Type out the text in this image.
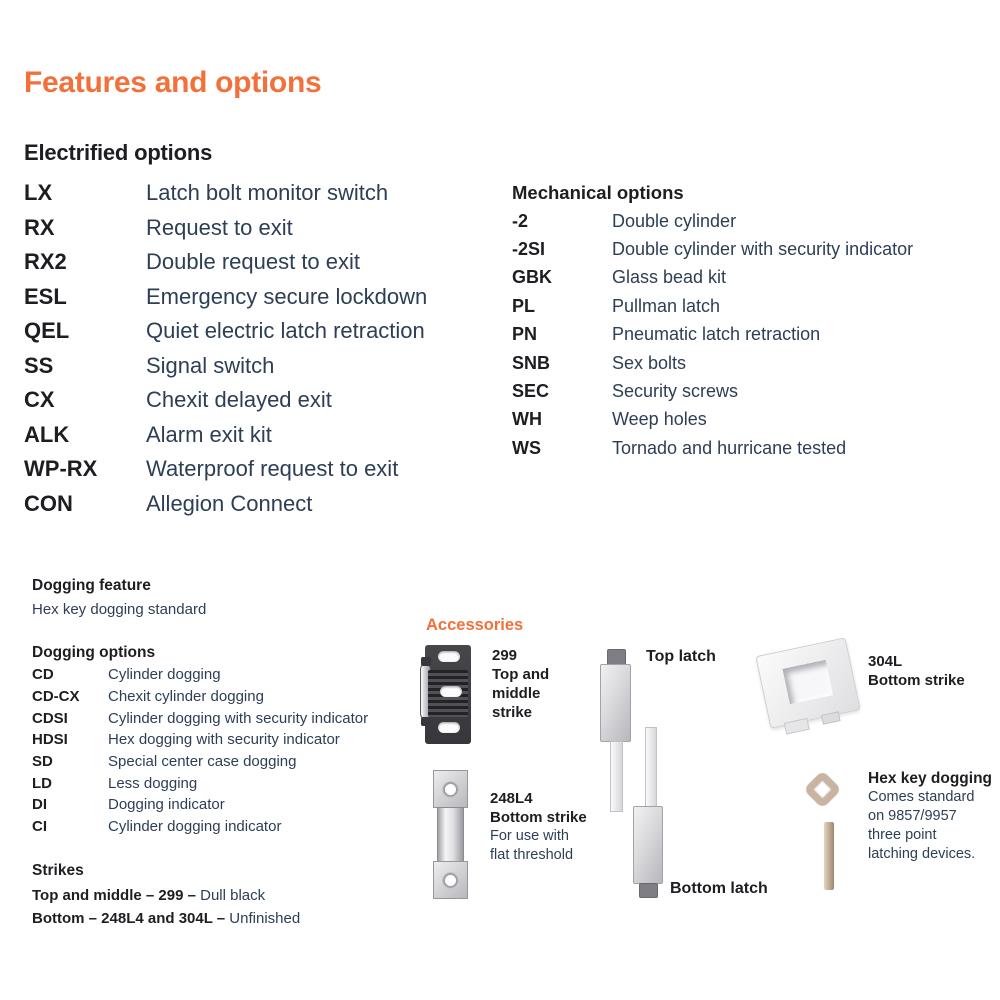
Features and options
Electrified options
LX	Latch bolt monitor switch
RX	Request to exit
RX2	Double request to exit
ESL	Emergency secure lockdown
QEL	Quiet electric latch retraction
SS	Signal switch
CX	Chexit delayed exit
ALK	Alarm exit kit
WP-RX	Waterproof request to exit
CON	Allegion Connect
Mechanical options
-2	Double cylinder
-2SI	Double cylinder with security indicator
GBK	Glass bead kit
PL	Pullman latch
PN	Pneumatic latch retraction
SNB	Sex bolts
SEC	Security screws
WH	Weep holes
WS	Tornado and hurricane tested
Dogging feature
Hex key dogging standard
Dogging options
CD	Cylinder dogging
CD-CX	Chexit cylinder dogging
CDSI	Cylinder dogging with security indicator
HDSI	Hex dogging with security indicator
SD	Special center case dogging
LD	Less dogging
DI	Dogging indicator
CI	Cylinder dogging indicator
Strikes
Top and middle – 299 – Dull black
Bottom – 248L4 and 304L – Unfinished
Accessories
299
Top and
middle
strike
Top latch	304L
Bottom strike
248L4
Bottom strike
For use with
flat threshold
Bottom latch
Hex key dogging
Comes standard
on 9857/9957
three point
latching devices.
